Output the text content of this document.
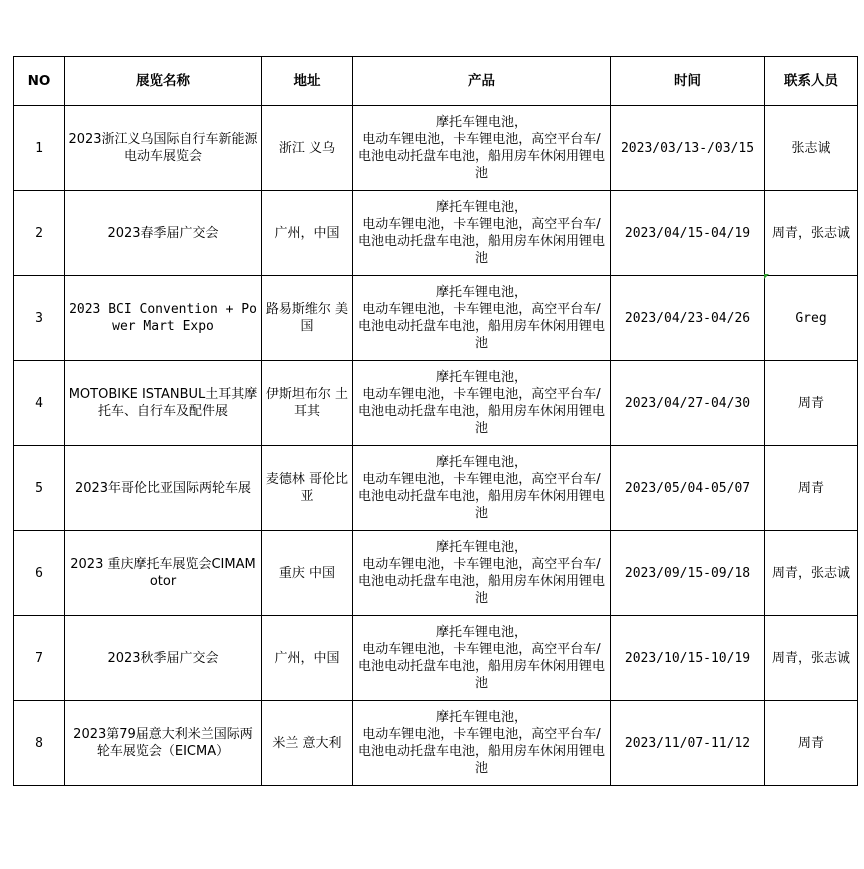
NO	展览名称	地址	产品	时间	联系人员
1	2023浙江义乌国际自行车新能源电动车展览会	浙江 义乌	摩托车锂电池，
电动车锂电池，卡车锂电池，高空平台车/电池电动托盘车电池，船用房车休闲用锂电池	2023/03/13-/03/15	张志诚
2	2023春季届广交会	广州，中国	摩托车锂电池，
电动车锂电池，卡车锂电池，高空平台车/电池电动托盘车电池，船用房车休闲用锂电池	2023/04/15-04/19	周青，张志诚
3	2023 BCI Convention + Power Mart Expo	路易斯维尔 美国	摩托车锂电池，
电动车锂电池，卡车锂电池，高空平台车/电池电动托盘车电池，船用房车休闲用锂电池	2023/04/23-04/26	Greg
4	MOTOBIKE ISTANBUL土耳其摩托车、自行车及配件展	伊斯坦布尔 土耳其	摩托车锂电池，
电动车锂电池，卡车锂电池，高空平台车/电池电动托盘车电池，船用房车休闲用锂电池	2023/04/27-04/30	周青
5	2023年哥伦比亚国际两轮车展	麦德林 哥伦比亚	摩托车锂电池，
电动车锂电池，卡车锂电池，高空平台车/电池电动托盘车电池，船用房车休闲用锂电池	2023/05/04-05/07	周青
6	2023 重庆摩托车展览会CIMAMotor	重庆 中国	摩托车锂电池，
电动车锂电池，卡车锂电池，高空平台车/电池电动托盘车电池，船用房车休闲用锂电池	2023/09/15-09/18	周青，张志诚
7	2023秋季届广交会	广州，中国	摩托车锂电池，
电动车锂电池，卡车锂电池，高空平台车/电池电动托盘车电池，船用房车休闲用锂电池	2023/10/15-10/19	周青，张志诚
8	2023第79届意大利米兰国际两轮车展览会（EICMA）	米兰 意大利	摩托车锂电池，
电动车锂电池，卡车锂电池，高空平台车/电池电动托盘车电池，船用房车休闲用锂电池	2023/11/07-11/12	周青
